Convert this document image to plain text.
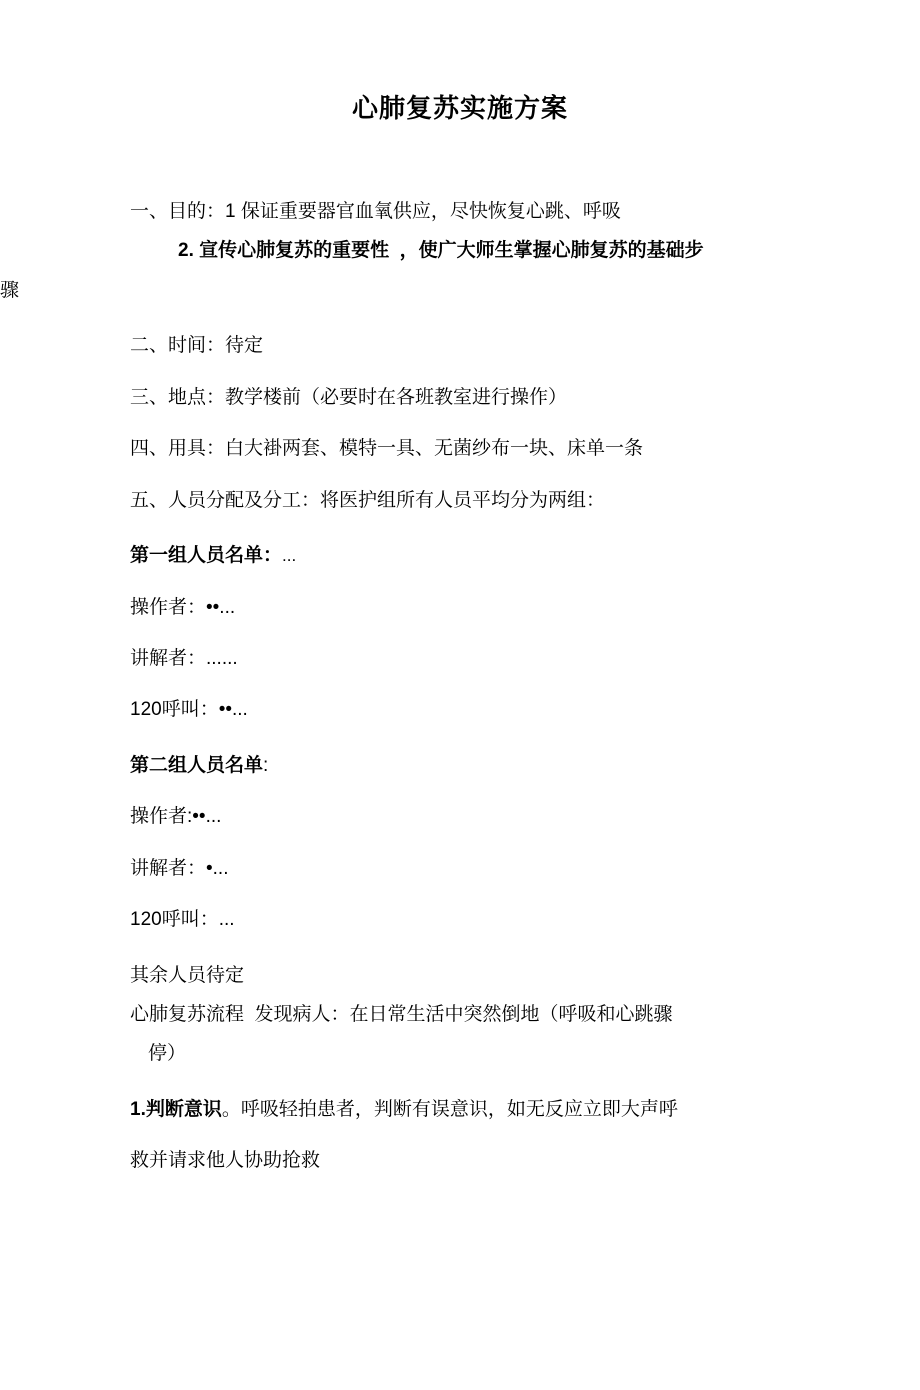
心肺复苏实施方案

一、目的：1 保证重要器官血氧供应，尽快恢复心跳、呼吸

2. 宣传心肺复苏的重要性  ，使广大师生掌握心肺复苏的基础步

骤

二、时间：待定

三、地点：教学楼前（必要时在各班教室进行操作）

四、用具：白大褂两套、模特一具、无菌纱布一块、床单一条

五、人员分配及分工：将医护组所有人员平均分为两组：

第一组人员名单：...

操作者：••...

讲解者：......

120呼叫：••...

第二组人员名单:

操作者:••...

讲解者：•...

120呼叫：...

其余人员待定

心肺复苏流程  发现病人：在日常生活中突然倒地（呼吸和心跳骤

停）

1.判断意识。呼吸轻拍患者，判断有误意识，如无反应立即大声呼

救并请求他人协助抢救
